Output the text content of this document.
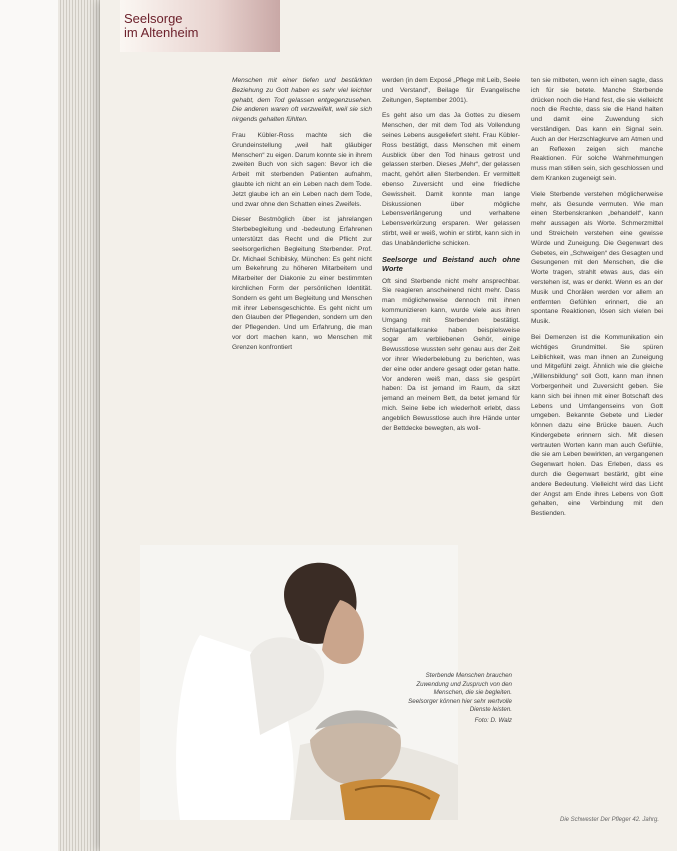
Seelsorge
im Altenheim

Menschen mit einer tiefen und bestärkten Beziehung zu Gott haben es sehr viel leichter gehabt, dem Tod gelassen entgegenzusehen. Die anderen waren oft verzweifelt, weil sie sich nirgends gehalten fühlten.

Frau Kübler-Ross machte sich die Grundeinstellung „weil halt gläubiger Menschen“ zu eigen. Darum konnte sie in ihrem zweiten Buch von sich sagen: Bevor ich die Arbeit mit sterbenden Patienten aufnahm, glaubte ich nicht an ein Leben nach dem Tode. Jetzt glaube ich an ein Leben nach dem Tode, und zwar ohne den Schatten eines Zweifels.

Dieser Bestmöglich über ist jahrelangen Sterbebegleitung und -bedeutung Erfahrenen unterstützt das Recht und die Pflicht zur seelsorgerlichen Begleitung Sterbender. Prof. Dr. Michael Schibilsky, München: Es geht nicht um Bekehrung zu höheren Mitarbeitern und Mitarbeiter der Diakonie zu einer bestimmten kirchlichen Form der persönlichen Identität. Sondern es geht um Begleitung und Menschen mit ihrer Lebensgeschichte. Es geht nicht um den Glauben der Pflegenden, sondern um den der Pflegenden. Und um Erfahrung, die man vor dort machen kann, wo Menschen mit Grenzen konfrontiert

werden (in dem Exposé „Pflege mit Leib, Seele und Verstand“, Beilage für Evangelische Zeitungen, September 2001).

Es geht also um das Ja Gottes zu diesem Menschen, der mit dem Tod als Vollendung seines Lebens ausgeliefert steht. Frau Kübler-Ross bestätigt, dass Menschen mit einem Ausblick über den Tod hinaus getrost und gelassen sterben. Dieses „Mehr“, der gelassen macht, gehört allen Sterbenden. Er vermittelt ebenso Zuversicht und eine friedliche Gewissheit. Damit konnte man lange Diskussionen über mögliche Lebensverlängerung und verhaltene Lebensverkürzung ersparen. Wer gelassen stirbt, weil er weiß, wohin er stirbt, kann sich in das Unabänderliche schicken.

Seelsorge und Beistand auch ohne Worte

Oft sind Sterbende nicht mehr ansprechbar. Sie reagieren anscheinend nicht mehr. Dass man möglicherweise dennoch mit ihnen kommunizieren kann, wurde viele aus ihren Umgang mit Sterbenden bestätigt. Schlaganfallkranke haben beispielsweise sogar am verbliebenen Gehör, einige Bewusstlose wussten sehr genau aus der Zeit vor ihrer Wiederbelebung zu berichten, was der eine oder andere gesagt oder getan hatte. Vor anderen weiß man, dass sie gespürt haben: Da ist jemand im Raum, da sitzt jemand an meinem Bett, da betet jemand für mich. Seine liebe ich wiederholt erlebt, dass angeblich Bewusstlose auch ihre Hände unter der Bettdecke bewegten, als woll-

ten sie mitbeten, wenn ich einen sagte, dass ich für sie betete. Manche Sterbende drücken noch die Hand fest, die sie vielleicht noch die Rechte, dass sie die Hand halten und damit eine Zuwendung sich verständigen. Das kann ein Signal sein. Auch an der Herzschlagkurve am Atmen und an Reflexen zeigen sich manche Reaktionen. Für solche Wahrnehmungen muss man stillen sein, sich geschlossen und dem Kranken zugeneigt sein.

Viele Sterbende verstehen möglicherweise mehr, als Gesunde vermuten. Wie man einen Sterbenskranken „behandelt“, kann mehr aussagen als Worte. Schmerzmittel und Streicheln verstehen eine gewisse Würde und Zuneigung. Die Gegenwart des Gebetes, ein „Schweigen“ des Gesagten und Gesungenen mit den Menschen, die die Worte tragen, strahlt etwas aus, das ein verstehen ist, was er denkt. Wenn es an der Musik und Chorälen werden vor allem an entfernten Gefühlen erinnert, die an spontane Reaktionen, lösen sich vielen bei Musik.

Bei Demenzen ist die Kommunikation ein wichtiges Grundmittel. Sie spüren Leiblichkeit, was man ihnen an Zuneigung und Mitgefühl zeigt. Ähnlich wie die gleiche „Willensbildung“ soll Gott, kann man ihnen Vorbergenheit und Zuversicht geben. Sie kann sich bei ihnen mit einer Botschaft des Lebens und Umfangenseins von Gott umgeben. Bekannte Gebete und Lieder können dazu eine Brücke bauen. Auch Kindergebete erinnern sich. Mit diesen vertrauten Worten kann man auch Gefühle, die sie am Leben bewirkten, an vergangenen Gegenwart holen. Das Erleben, dass es durch die Gegenwart bestärkt, gibt eine andere Bedeutung. Vielleicht wird das Licht der Angst am Ende ihres Lebens von Gott gehalten, eine Verbindung mit den Bestienden.

Sterbende Menschen brauchen Zuwendung und Zuspruch von den Menschen, die sie begleiten. Seelsorger können hier sehr wertvolle Dienste leisten.
Foto: D. Walz
Die Schwester Der Pfleger 42. Jahrg.
